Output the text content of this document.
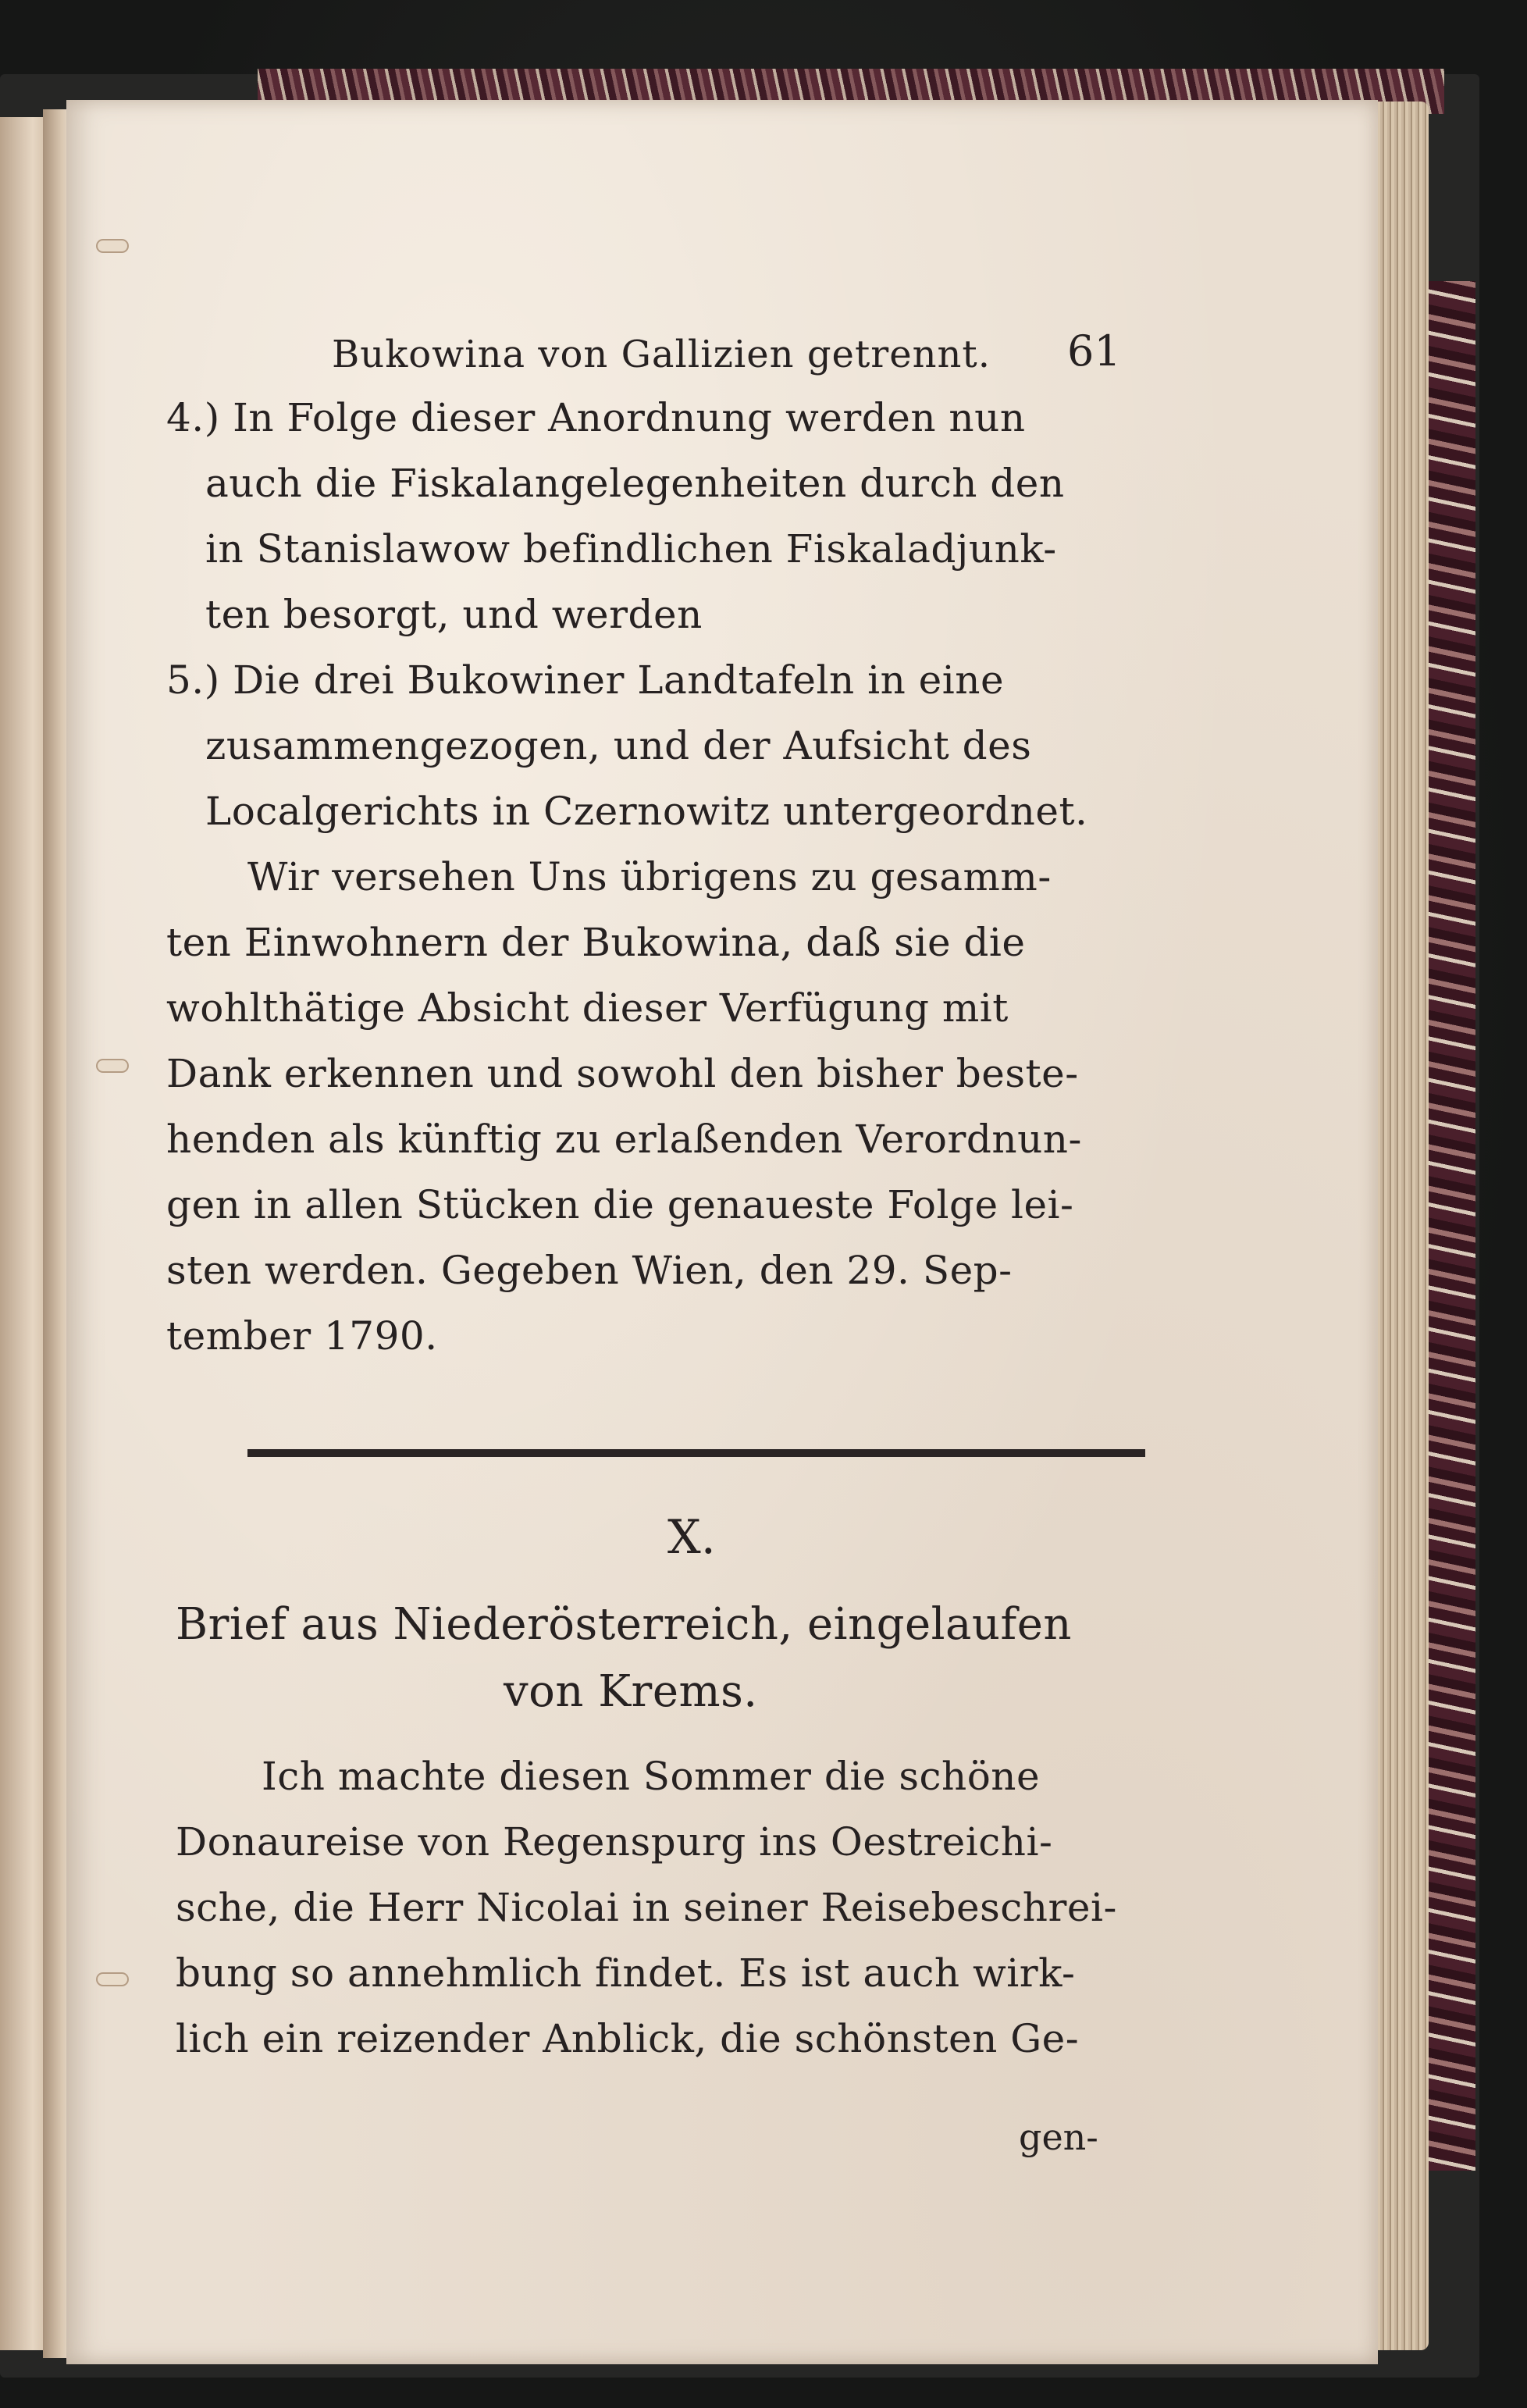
Bukowina von Gallizien getrennt. 61
4.) In Folge dieser Anordnung werden nun
auch die Fiskalangelegenheiten durch den
in Stanislawow befindlichen Fiskaladjunk-
ten besorgt, und werden
5.) Die drei Bukowiner Landtafeln in eine
zusammengezogen, und der Aufsicht des
Localgerichts in Czernowitz untergeordnet.
Wir versehen Uns übrigens zu gesamm-
ten Einwohnern der Bukowina, daß sie die
wohlthätige Absicht dieser Verfügung mit
Dank erkennen und sowohl den bisher beste-
henden als künftig zu erlaßenden Verordnun-
gen in allen Stücken die genaueste Folge lei-
sten werden. Gegeben Wien, den 29. Sep-
tember 1790.
X.
Brief aus Niederösterreich, eingelaufen
von Krems.
Ich machte diesen Sommer die schöne
Donaureise von Regenspurg ins Oestreichi-
sche, die Herr Nicolai in seiner Reisebeschrei-
bung so annehmlich findet. Es ist auch wirk-
lich ein reizender Anblick, die schönsten Ge-
gen-
